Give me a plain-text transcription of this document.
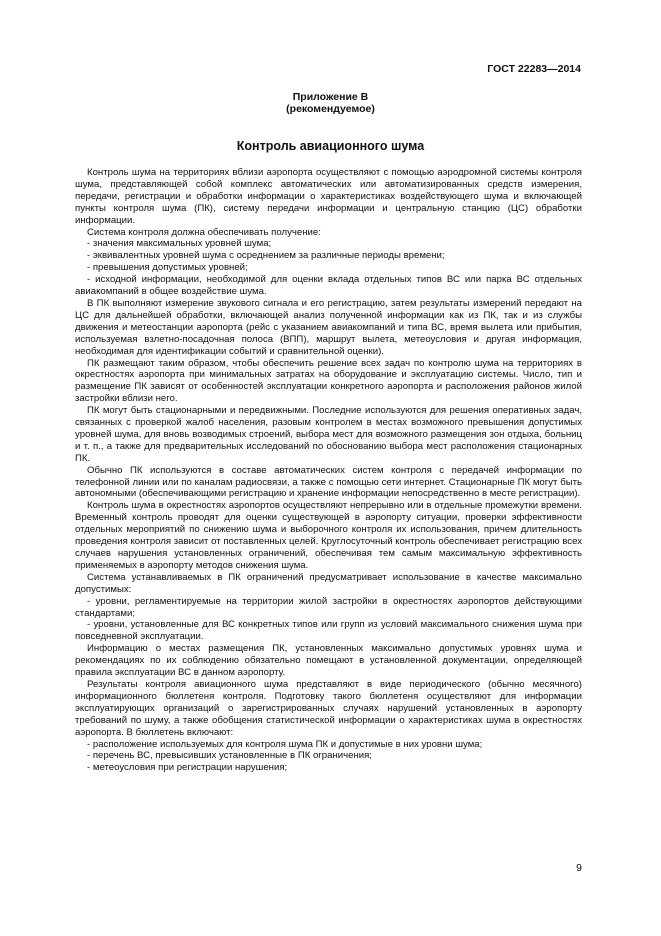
ГОСТ 22283—2014
Приложение В
(рекомендуемое)
Контроль авиационного шума

Контроль шума на территориях вблизи аэропорта осуществляют с помощью аэродромной системы контроля шума, представляющей собой комплекс автоматических или автоматизированных средств измерения, передачи, регистрации и обработки информации о характеристиках воздействующего шума и включающей пункты контроля шума (ПК), систему передачи информации и центральную станцию (ЦС) обработки информации.

Система контроля должна обеспечивать получение:

- значения максимальных уровней шума;

- эквивалентных уровней шума с осреднением за различные периоды времени;

- превышения допустимых уровней;

- исходной информации, необходимой для оценки вклада отдельных типов ВС или парка ВС отдельных авиакомпаний в общее воздействие шума.

В ПК выполняют измерение звукового сигнала и его регистрацию, затем результаты измерений передают на ЦС для дальнейшей обработки, включающей анализ полученной информации как из ПК, так и из службы движения и метеостанции аэропорта (рейс с указанием авиакомпаний и типа ВС, время вылета или прибытия, используемая взлетно-посадочная полоса (ВПП), маршрут вылета, метеоусловия и другая информация, необходимая для идентификации событий и сравнительной оценки).

ПК размещают таким образом, чтобы обеспечить решение всех задач по контролю шума на территориях в окрестностях аэропорта при минимальных затратах на оборудование и эксплуатацию системы. Число, тип и размещение ПК зависят от особенностей эксплуатации конкретного аэропорта и расположения районов жилой застройки вблизи него.

ПК могут быть стационарными и передвижными. Последние используются для решения оперативных задач, связанных с проверкой жалоб населения, разовым контролем в местах возможного превышения допустимых уровней шума, для вновь возводимых строений, выбора мест для возможного размещения зон отдыха, больниц и т. п., а также для предварительных исследований по обоснованию выбора мест расположения стационарных ПК.

Обычно ПК используются в составе автоматических систем контроля с передачей информации по телефонной линии или по каналам радиосвязи, а также с помощью сети интернет. Стационарные ПК могут быть автономными (обеспечивающими регистрацию и хранение информации непосредственно в месте регистрации).

Контроль шума в окрестностях аэропортов осуществляют непрерывно или в отдельные промежутки времени. Временный контроль проводят для оценки существующей в аэропорту ситуации, проверки эффективности отдельных мероприятий по снижению шума и выборочного контроля их использования, причем длительность проведения контроля зависит от поставленных целей. Круглосуточный контроль обеспечивает регистрацию всех случаев нарушения установленных ограничений, обеспечивая тем самым максимальную эффективность применяемых в аэропорту методов снижения шума.

Система устанавливаемых в ПК ограничений предусматривает использование в качестве максимально допустимых:

- уровни, регламентируемые на территории жилой застройки в окрестностях аэропортов действующими стандартами;

- уровни, установленные для ВС конкретных типов или групп из условий максимального снижения шума при повседневной эксплуатации.

Информацию о местах размещения ПК, установленных максимально допустимых уровнях шума и рекомендациях по их соблюдению обязательно помещают в установленной документации, определяющей правила эксплуатации ВС в данном аэропорту.

Результаты контроля авиационного шума представляют в виде периодического (обычно месячного) информационного бюллетеня контроля. Подготовку такого бюллетеня осуществляют для информации эксплуатирующих организаций о зарегистрированных случаях нарушений установленных в аэропорту требований по шуму, а также обобщения статистической информации о характеристиках шума в окрестностях аэропорта. В бюллетень включают:

- расположение используемых для контроля шума ПК и допустимые в них уровни шума;

- перечень ВС, превысивших установленные в ПК ограничения;

- метеоусловия при регистрации нарушения;

9
